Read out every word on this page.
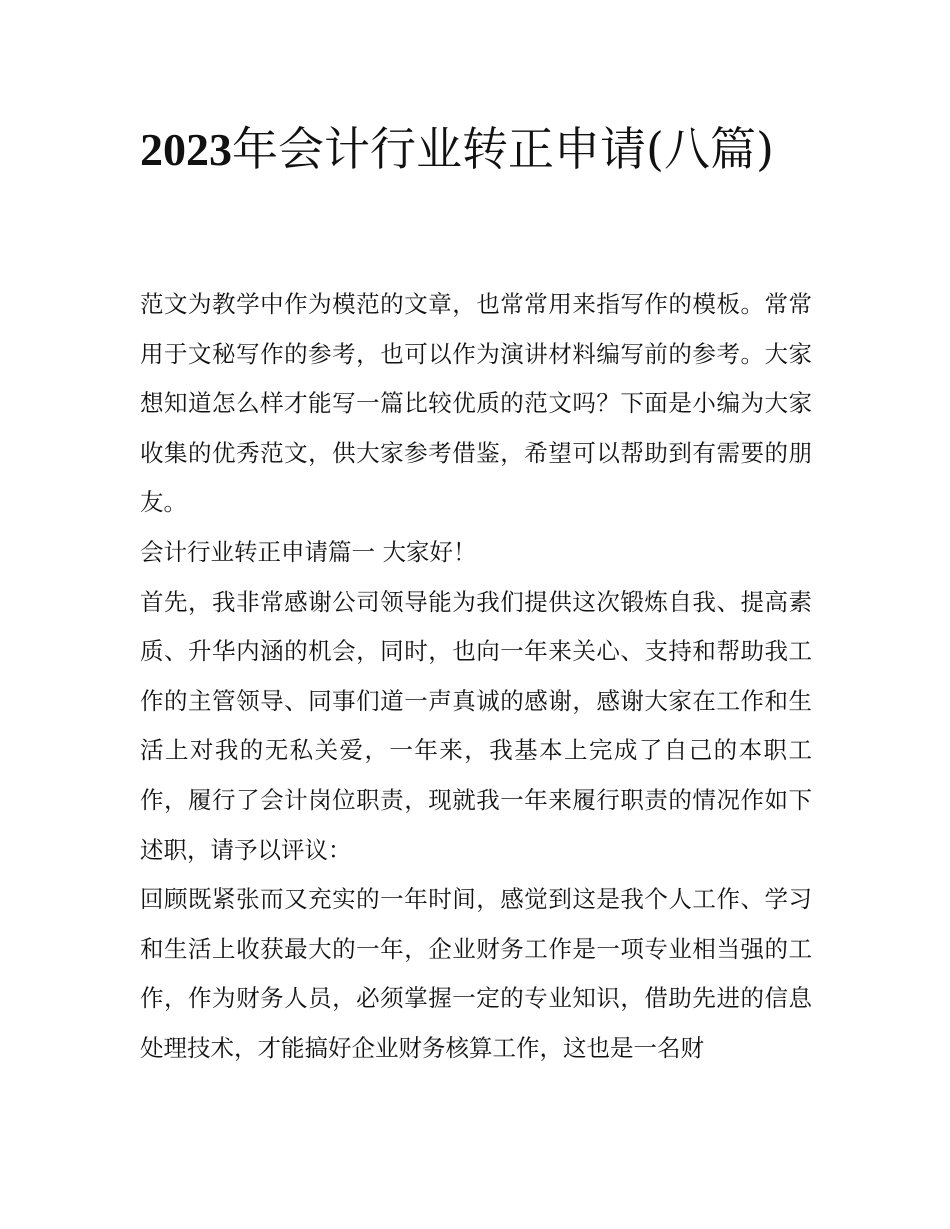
2023年会计行业转正申请(八篇)

范文为教学中作为模范的文章，也常常用来指写作的模板。常常用于文秘写作的参考，也可以作为演讲材料编写前的参考。大家想知道怎么样才能写一篇比较优质的范文吗？下面是小编为大家收集的优秀范文，供大家参考借鉴，希望可以帮助到有需要的朋友。

会计行业转正申请篇一 大家好！

首先，我非常感谢公司领导能为我们提供这次锻炼自我、提高素质、升华内涵的机会，同时，也向一年来关心、支持和帮助我工作的主管领导、同事们道一声真诚的感谢，感谢大家在工作和生活上对我的无私关爱，一年来，我基本上完成了自己的本职工作，履行了会计岗位职责，现就我一年来履行职责的情况作如下述职，请予以评议：

回顾既紧张而又充实的一年时间，感觉到这是我个人工作、学习和生活上收获最大的一年，企业财务工作是一项专业相当强的工作，作为财务人员，必须掌握一定的专业知识，借助先进的信息处理技术，才能搞好企业财务核算工作，这也是一名财
